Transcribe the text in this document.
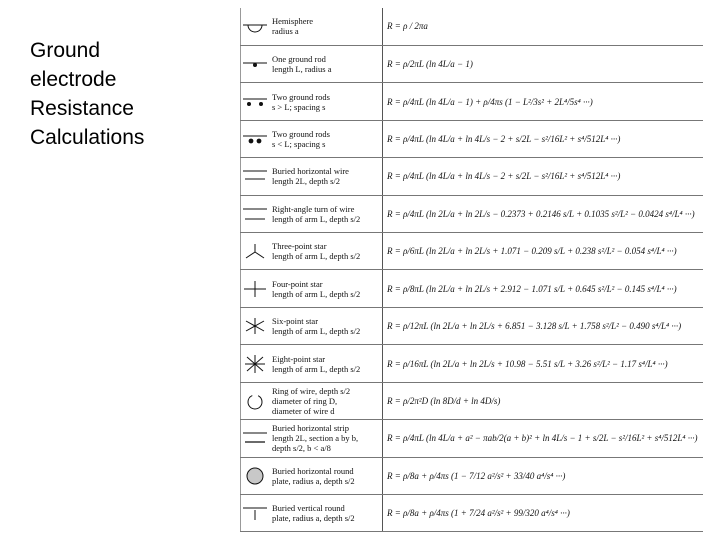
Ground
electrode
Resistance
Calculations

Hemisphere
radius a	R = ρ / 2πa

One ground rod
length L, radius a	R = ρ/2πL (ln 4L/a − 1)

Two ground rods
s > L; spacing s	R = ρ/4πL (ln 4L/a − 1) + ρ/4πs (1 − L²/3s² + 2L⁴/5s⁴ ···)

Two ground rods
s < L; spacing s	R = ρ/4πL (ln 4L/a + ln 4L/s − 2 + s/2L − s²/16L² + s⁴/512L⁴ ···)

Buried horizontal wire
length 2L, depth s/2	R = ρ/4πL (ln 4L/a + ln 4L/s − 2 + s/2L − s²/16L² + s⁴/512L⁴ ···)

Right-angle turn of wire
length of arm L, depth s/2	R = ρ/4πL (ln 2L/a + ln 2L/s − 0.2373 + 0.2146 s/L + 0.1035 s²/L² − 0.0424 s⁴/L⁴ ···)

Three-point star
length of arm L, depth s/2	R = ρ/6πL (ln 2L/a + ln 2L/s + 1.071 − 0.209 s/L + 0.238 s²/L² − 0.054 s⁴/L⁴ ···)

Four-point star
length of arm L, depth s/2	R = ρ/8πL (ln 2L/a + ln 2L/s + 2.912 − 1.071 s/L + 0.645 s²/L² − 0.145 s⁴/L⁴ ···)

Six-point star
length of arm L, depth s/2	R = ρ/12πL (ln 2L/a + ln 2L/s + 6.851 − 3.128 s/L + 1.758 s²/L² − 0.490 s⁴/L⁴ ···)

Eight-point star
length of arm L, depth s/2	R = ρ/16πL (ln 2L/a + ln 2L/s + 10.98 − 5.51 s/L + 3.26 s²/L² − 1.17 s⁴/L⁴ ···)

Ring of wire, depth s/2
diameter of ring D,
diameter of wire d	R = ρ/2π²D (ln 8D/d + ln 4D/s)

Buried horizontal strip
length 2L, section a by b,
depth s/2, b < a/8	R = ρ/4πL (ln 4L/a + a² − πab/2(a + b)² + ln 4L/s − 1 + s/2L − s²/16L² + s⁴/512L⁴ ···)

Buried horizontal round
plate, radius a, depth s/2	R = ρ/8a + ρ/4πs (1 − 7/12 a²/s² + 33/40 a⁴/s⁴ ···)

Buried vertical round
plate, radius a, depth s/2	R = ρ/8a + ρ/4πs (1 + 7/24 a²/s² + 99/320 a⁴/s⁴ ···)
